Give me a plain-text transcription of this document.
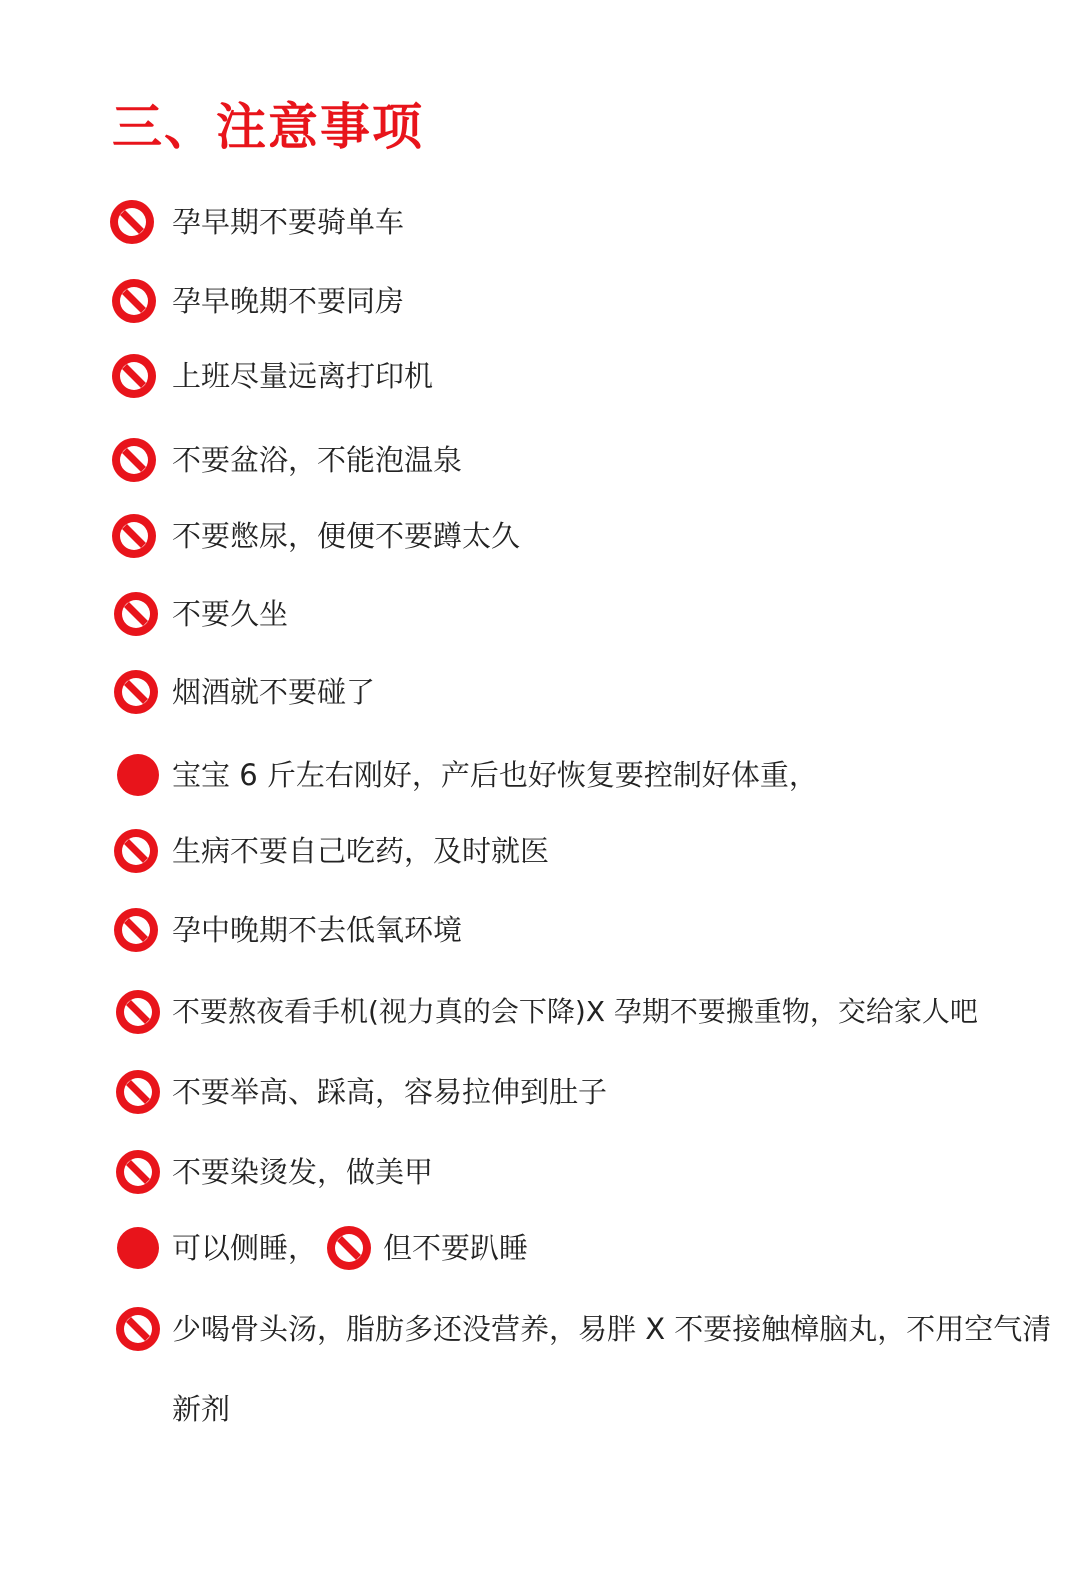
三、注意事项
孕早期不要骑单车
孕早晚期不要同房
上班尽量远离打印机
不要盆浴，不能泡温泉
不要憋尿，便便不要蹲太久
不要久坐
烟酒就不要碰了
宝宝 6 斤左右刚好，产后也好恢复要控制好体重，
生病不要自己吃药，及时就医
孕中晚期不去低氧环境
不要熬夜看手机(视力真的会下降)X 孕期不要搬重物，交给家人吧
不要举高、踩高，容易拉伸到肚子
不要染烫发，做美甲
可以侧睡， 但不要趴睡
少喝骨头汤，脂肪多还没营养，易胖 X 不要接触樟脑丸，不用空气清新剂
